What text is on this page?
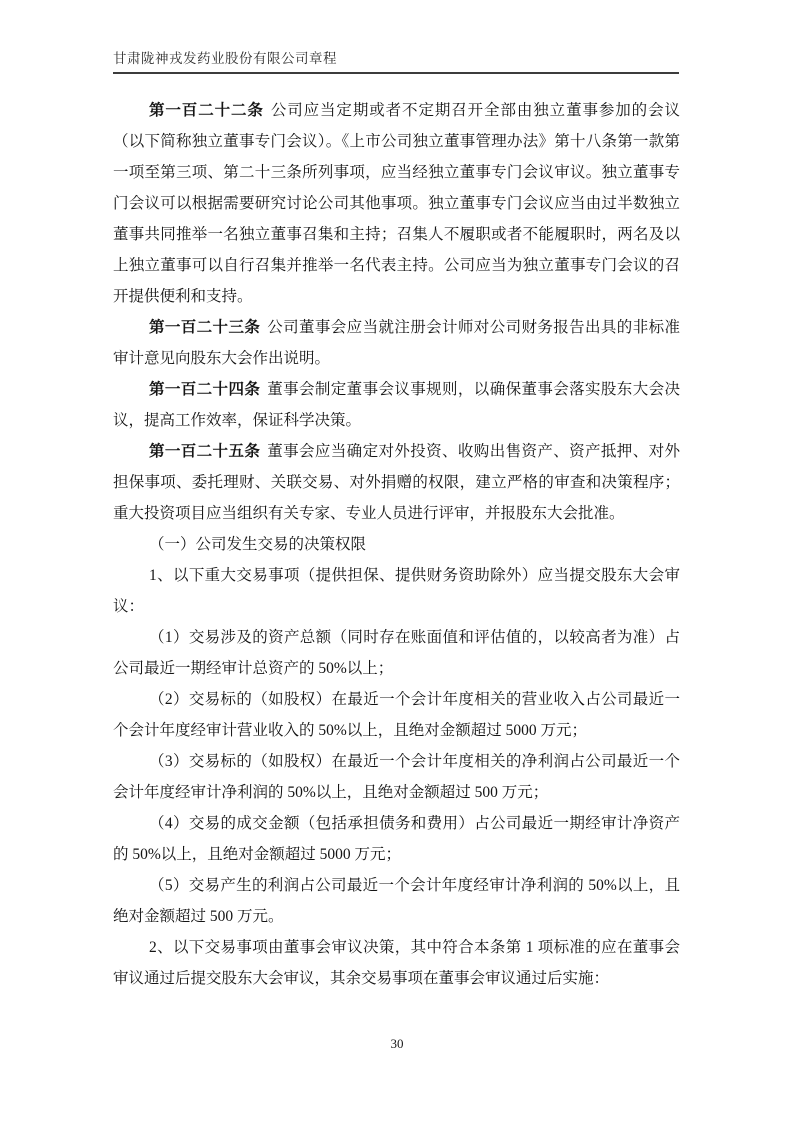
甘肃陇神戎发药业股份有限公司章程

第一百二十二条 公司应当定期或者不定期召开全部由独立董事参加的会议（以下简称独立董事专门会议）。《上市公司独立董事管理办法》第十八条第一款第一项至第三项、第二十三条所列事项，应当经独立董事专门会议审议。独立董事专门会议可以根据需要研究讨论公司其他事项。独立董事专门会议应当由过半数独立董事共同推举一名独立董事召集和主持；召集人不履职或者不能履职时，两名及以上独立董事可以自行召集并推举一名代表主持。公司应当为独立董事专门会议的召开提供便利和支持。

第一百二十三条 公司董事会应当就注册会计师对公司财务报告出具的非标准审计意见向股东大会作出说明。

第一百二十四条 董事会制定董事会议事规则，以确保董事会落实股东大会决议，提高工作效率，保证科学决策。

第一百二十五条 董事会应当确定对外投资、收购出售资产、资产抵押、对外担保事项、委托理财、关联交易、对外捐赠的权限，建立严格的审查和决策程序；重大投资项目应当组织有关专家、专业人员进行评审，并报股东大会批准。

（一）公司发生交易的决策权限

1、以下重大交易事项（提供担保、提供财务资助除外）应当提交股东大会审议：

（1）交易涉及的资产总额（同时存在账面值和评估值的，以较高者为准）占公司最近一期经审计总资产的 50%以上；

（2）交易标的（如股权）在最近一个会计年度相关的营业收入占公司最近一个会计年度经审计营业收入的 50%以上，且绝对金额超过 5000 万元；

（3）交易标的（如股权）在最近一个会计年度相关的净利润占公司最近一个会计年度经审计净利润的 50%以上，且绝对金额超过 500 万元；

（4）交易的成交金额（包括承担债务和费用）占公司最近一期经审计净资产的 50%以上，且绝对金额超过 5000 万元；

（5）交易产生的利润占公司最近一个会计年度经审计净利润的 50%以上，且绝对金额超过 500 万元。

2、以下交易事项由董事会审议决策，其中符合本条第 1 项标准的应在董事会审议通过后提交股东大会审议，其余交易事项在董事会审议通过后实施：

30
